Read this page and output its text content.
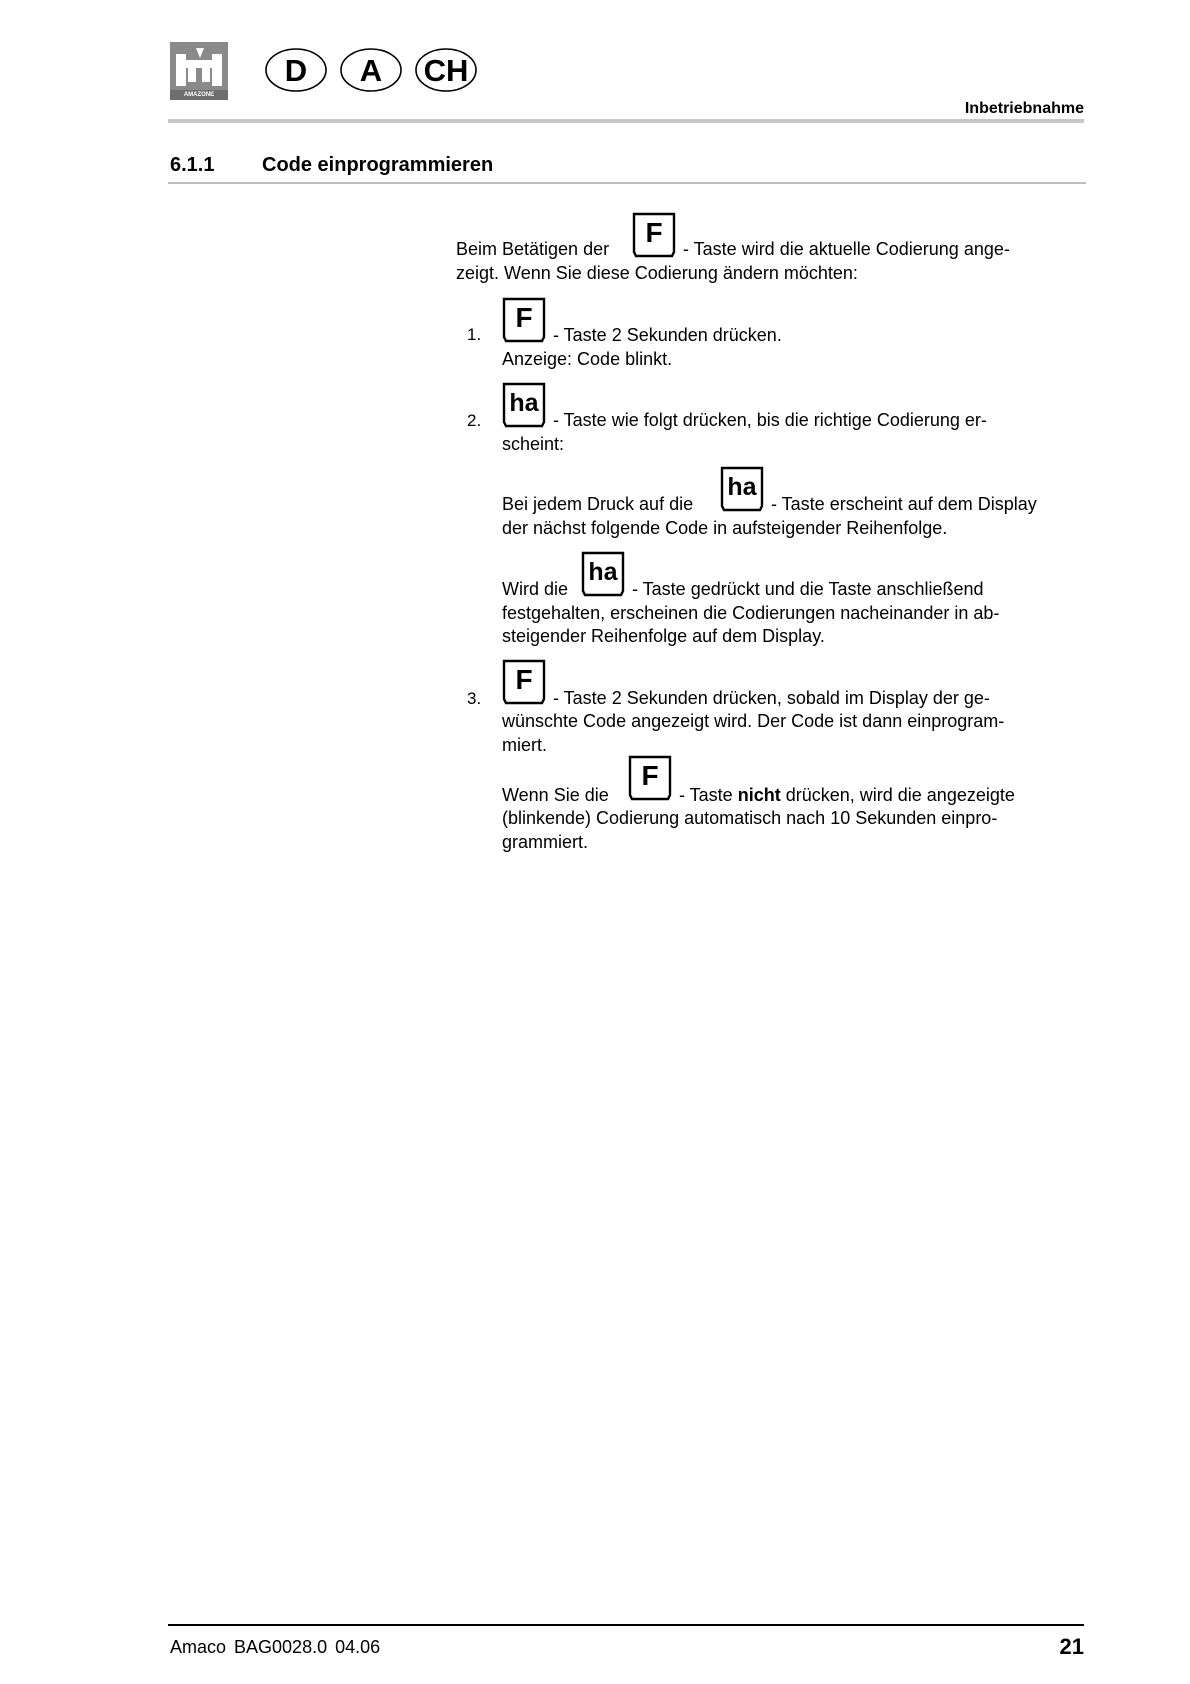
AMAZONE
D	A	CH
Inbetriebnahme
6.1.1 Code einprogrammieren
Beim Betätigen der
F
- Taste wird die aktuelle Codierung ange-
zeigt. Wenn Sie diese Codierung ändern möchten:
1.
F
- Taste 2 Sekunden drücken.
Anzeige: Code blinkt.
2.
ha
- Taste wie folgt drücken, bis die richtige Codierung er-
scheint:
Bei jedem Druck auf die
ha
- Taste erscheint auf dem Display
der nächst folgende Code in aufsteigender Reihenfolge.
Wird die
ha
- Taste gedrückt und die Taste anschließend
festgehalten, erscheinen die Codierungen nacheinander in ab-
steigender Reihenfolge auf dem Display.
3.
F
- Taste 2 Sekunden drücken, sobald im Display der ge-
wünschte Code angezeigt wird. Der Code ist dann einprogram-
miert.
Wenn Sie die
F
- Taste nicht drücken, wird die angezeigte
(blinkende) Codierung automatisch nach 10 Sekunden einpro-
grammiert.
Amaco BAG0028.0 04.06	21
